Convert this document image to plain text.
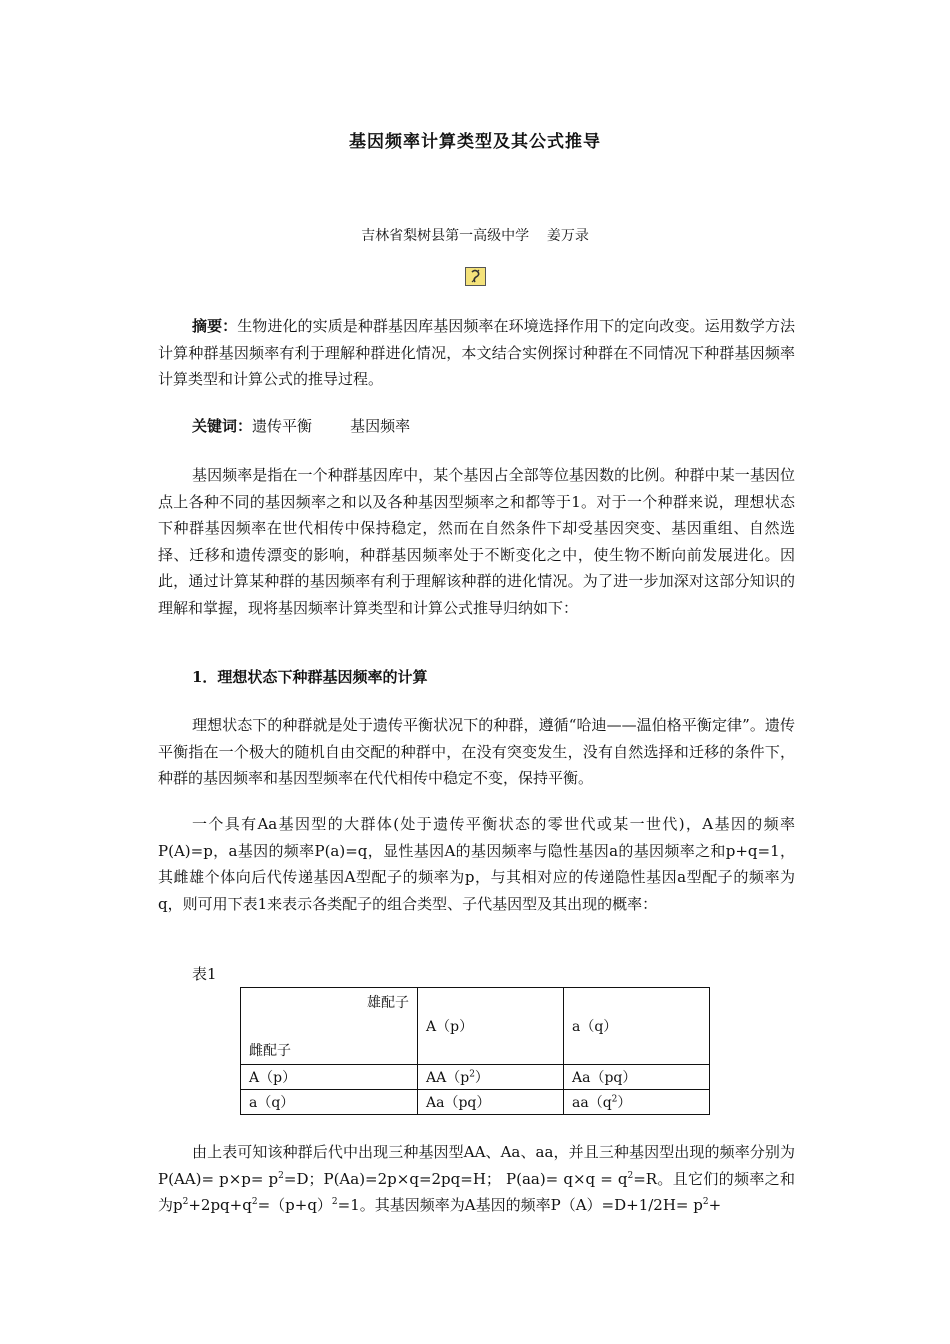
基因频率计算类型及其公式推导
吉林省梨树县第一高级中学    姜万录
摘要：生物进化的实质是种群基因库基因频率在环境选择作用下的定向改变。运用数学方法计算种群基因频率有利于理解种群进化情况，本文结合实例探讨种群在不同情况下种群基因频率计算类型和计算公式的推导过程。
关键词：遗传平衡        基因频率
基因频率是指在一个种群基因库中，某个基因占全部等位基因数的比例。种群中某一基因位点上各种不同的基因频率之和以及各种基因型频率之和都等于1。对于一个种群来说，理想状态下种群基因频率在世代相传中保持稳定，然而在自然条件下却受基因突变、基因重组、自然选择、迁移和遗传漂变的影响，种群基因频率处于不断变化之中，使生物不断向前发展进化。因此，通过计算某种群的基因频率有利于理解该种群的进化情况。为了进一步加深对这部分知识的理解和掌握，现将基因频率计算类型和计算公式推导归纳如下：
1．理想状态下种群基因频率的计算
理想状态下的种群就是处于遗传平衡状况下的种群，遵循“哈迪——温伯格平衡定律”。遗传平衡指在一个极大的随机自由交配的种群中，在没有突变发生，没有自然选择和迁移的条件下，种群的基因频率和基因型频率在代代相传中稳定不变，保持平衡。
一个具有Aa基因型的大群体(处于遗传平衡状态的零世代或某一世代)，A基因的频率P(A)=p，a基因的频率P(a)=q，显性基因A的基因频率与隐性基因a的基因频率之和p+q=1，其雌雄个体向后代传递基因A型配子的频率为p，与其相对应的传递隐性基因a型配子的频率为q，则可用下表1来表示各类配子的组合类型、子代基因型及其出现的概率：
表1
雄配子
雌配子	A（p）	a（q）
A（p）	$AA(p^2)$	Aa（pq）
a（q）	Aa（pq）	$aa(q^2)$
由上表可知该种群后代中出现三种基因型AA、Aa、aa，并且三种基因型出现的频率分别为$P(AA)= p\times p= p^2=D$；P(Aa)=2p×q=2pq=H； $P(aa)= q\times q = q^2=R$。且它们的频率之和为$p^2+2pq+q^2=(p+q)^2=1$。其基因频率为A基因的频率$P(A)=D+1/2H= p^2+$
